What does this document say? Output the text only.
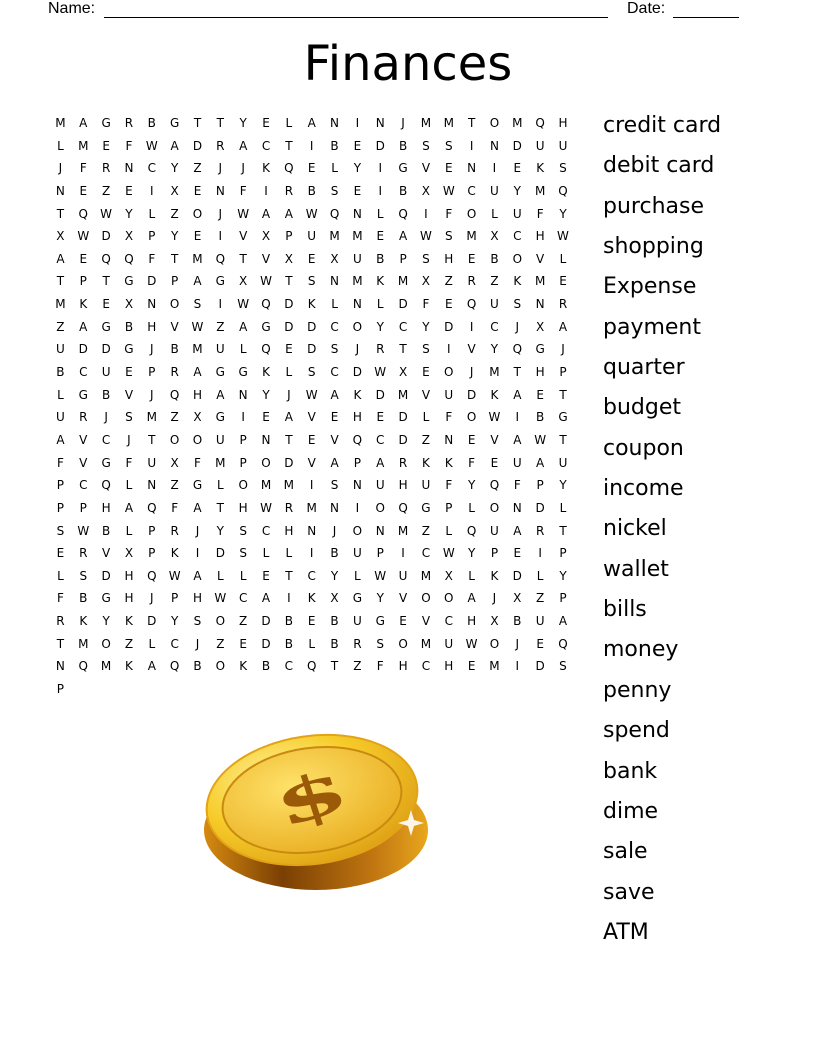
Name:	Date:
Finances
M	A	G	R	B	G	T	T	Y	E	L	A	N	I	N	J	M	M	T	O	M	Q	H
L	M	E	F	W	A	D	R	A	C	T	I	B	E	D	B	S	S	I	N	D	U	U
J	F	R	N	C	Y	Z	J	J	K	Q	E	L	Y	I	G	V	E	N	I	E	K	S
N	E	Z	E	I	X	E	N	F	I	R	B	S	E	I	B	X	W	C	U	Y	M	Q
T	Q	W	Y	L	Z	O	J	W	A	A	W	Q	N	L	Q	I	F	O	L	U	F	Y
X	W	D	X	P	Y	E	I	V	X	P	U	M	M	E	A	W	S	M	X	C	H	W
A	E	Q	Q	F	T	M	Q	T	V	X	E	X	U	B	P	S	H	E	B	O	V	L
T	P	T	G	D	P	A	G	X	W	T	S	N	M	K	M	X	Z	R	Z	K	M	E
M	K	E	X	N	O	S	I	W	Q	D	K	L	N	L	D	F	E	Q	U	S	N	R
Z	A	G	B	H	V	W	Z	A	G	D	D	C	O	Y	C	Y	D	I	C	J	X	A
U	D	D	G	J	B	M	U	L	Q	E	D	S	J	R	T	S	I	V	Y	Q	G	J
B	C	U	E	P	R	A	G	G	K	L	S	C	D	W	X	E	O	J	M	T	H	P
L	G	B	V	J	Q	H	A	N	Y	J	W	A	K	D	M	V	U	D	K	A	E	T
U	R	J	S	M	Z	X	G	I	E	A	V	E	H	E	D	L	F	O	W	I	B	G
A	V	C	J	T	O	O	U	P	N	T	E	V	Q	C	D	Z	N	E	V	A	W	T
F	V	G	F	U	X	F	M	P	O	D	V	A	P	A	R	K	K	F	E	U	A	U
P	C	Q	L	N	Z	G	L	O	M	M	I	S	N	U	H	U	F	Y	Q	F	P	Y
P	P	H	A	Q	F	A	T	H	W	R	M	N	I	O	Q	G	P	L	O	N	D	L
S	W	B	L	P	R	J	Y	S	C	H	N	J	O	N	M	Z	L	Q	U	A	R	T
E	R	V	X	P	K	I	D	S	L	L	I	B	U	P	I	C	W	Y	P	E	I	P
L	S	D	H	Q	W	A	L	L	E	T	C	Y	L	W	U	M	X	L	K	D	L	Y
F	B	G	H	J	P	H	W	C	A	I	K	X	G	Y	V	O	O	A	J	X	Z	P
R	K	Y	K	D	Y	S	O	Z	D	B	E	B	U	G	E	V	C	H	X	B	U	A
T	M	O	Z	L	C	J	Z	E	D	B	L	B	R	S	O	M	U	W	O	J	E	Q
N	Q	M	K	A	Q	B	O	K	B	C	Q	T	Z	F	H	C	H	E	M	I	D	S
P
credit card
debit card
purchase
shopping
Expense
payment
quarter
budget
coupon
income
nickel
wallet
bills
money
penny
spend
bank
dime
sale
save
ATM
$
